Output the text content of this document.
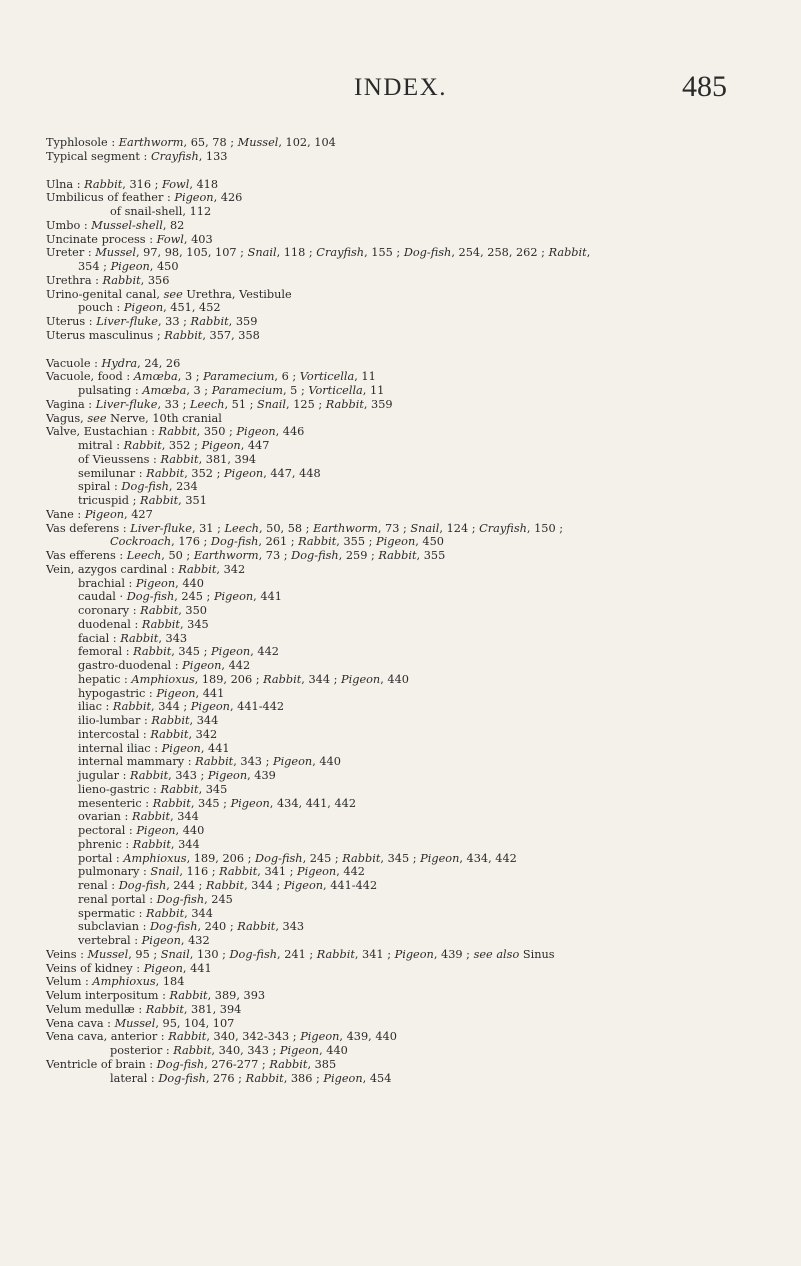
INDEX.	485
Typhlosole : Earthworm, 65, 78 ; Mussel, 102, 104
Typical segment : Crayfish, 133
Ulna : Rabbit, 316 ; Fowl, 418
Umbilicus of feather : Pigeon, 426
of snail-shell, 112
Umbo : Mussel-shell, 82
Uncinate process : Fowl, 403
Ureter : Mussel, 97, 98, 105, 107 ; Snail, 118 ; Crayfish, 155 ; Dog-fish, 254, 258, 262 ; Rabbit,
354 ; Pigeon, 450
Urethra : Rabbit, 356
Urino-genital canal, see Urethra, Vestibule
pouch : Pigeon, 451, 452
Uterus : Liver-fluke, 33 ; Rabbit, 359
Uterus masculinus ; Rabbit, 357, 358
Vacuole : Hydra, 24, 26
Vacuole, food : Amœba, 3 ; Paramecium, 6 ; Vorticella, 11
pulsating : Amœba, 3 ; Paramecium, 5 ; Vorticella, 11
Vagina : Liver-fluke, 33 ; Leech, 51 ; Snail, 125 ; Rabbit, 359
Vagus, see Nerve, 10th cranial
Valve, Eustachian : Rabbit, 350 ; Pigeon, 446
mitral : Rabbit, 352 ; Pigeon, 447
of Vieussens : Rabbit, 381, 394
semilunar : Rabbit, 352 ; Pigeon, 447, 448
spiral : Dog-fish, 234
tricuspid ; Rabbit, 351
Vane : Pigeon, 427
Vas deferens : Liver-fluke, 31 ; Leech, 50, 58 ; Earthworm, 73 ; Snail, 124 ; Crayfish, 150 ;
Cockroach, 176 ; Dog-fish, 261 ; Rabbit, 355 ; Pigeon, 450
Vas efferens : Leech, 50 ; Earthworm, 73 ; Dog-fish, 259 ; Rabbit, 355
Vein, azygos cardinal : Rabbit, 342
brachial : Pigeon, 440
caudal · Dog-fish, 245 ; Pigeon, 441
coronary : Rabbit, 350
duodenal : Rabbit, 345
facial : Rabbit, 343
femoral : Rabbit, 345 ; Pigeon, 442
gastro-duodenal : Pigeon, 442
hepatic : Amphioxus, 189, 206 ; Rabbit, 344 ; Pigeon, 440
hypogastric : Pigeon, 441
iliac : Rabbit, 344 ; Pigeon, 441-442
ilio-lumbar : Rabbit, 344
intercostal : Rabbit, 342
internal iliac : Pigeon, 441
internal mammary : Rabbit, 343 ; Pigeon, 440
jugular : Rabbit, 343 ; Pigeon, 439
lieno-gastric : Rabbit, 345
mesenteric : Rabbit, 345 ; Pigeon, 434, 441, 442
ovarian : Rabbit, 344
pectoral : Pigeon, 440
phrenic : Rabbit, 344
portal : Amphioxus, 189, 206 ; Dog-fish, 245 ; Rabbit, 345 ; Pigeon, 434, 442
pulmonary : Snail, 116 ; Rabbit, 341 ; Pigeon, 442
renal : Dog-fish, 244 ; Rabbit, 344 ; Pigeon, 441-442
renal portal : Dog-fish, 245
spermatic : Rabbit, 344
subclavian : Dog-fish, 240 ; Rabbit, 343
vertebral : Pigeon, 432
Veins : Mussel, 95 ; Snail, 130 ; Dog-fish, 241 ; Rabbit, 341 ; Pigeon, 439 ; see also Sinus
Veins of kidney : Pigeon, 441
Velum : Amphioxus, 184
Velum interpositum : Rabbit, 389, 393
Velum medullæ : Rabbit, 381, 394
Vena cava : Mussel, 95, 104, 107
Vena cava, anterior : Rabbit, 340, 342-343 ; Pigeon, 439, 440
posterior : Rabbit, 340, 343 ; Pigeon, 440
Ventricle of brain : Dog-fish, 276-277 ; Rabbit, 385
lateral : Dog-fish, 276 ; Rabbit, 386 ; Pigeon, 454
